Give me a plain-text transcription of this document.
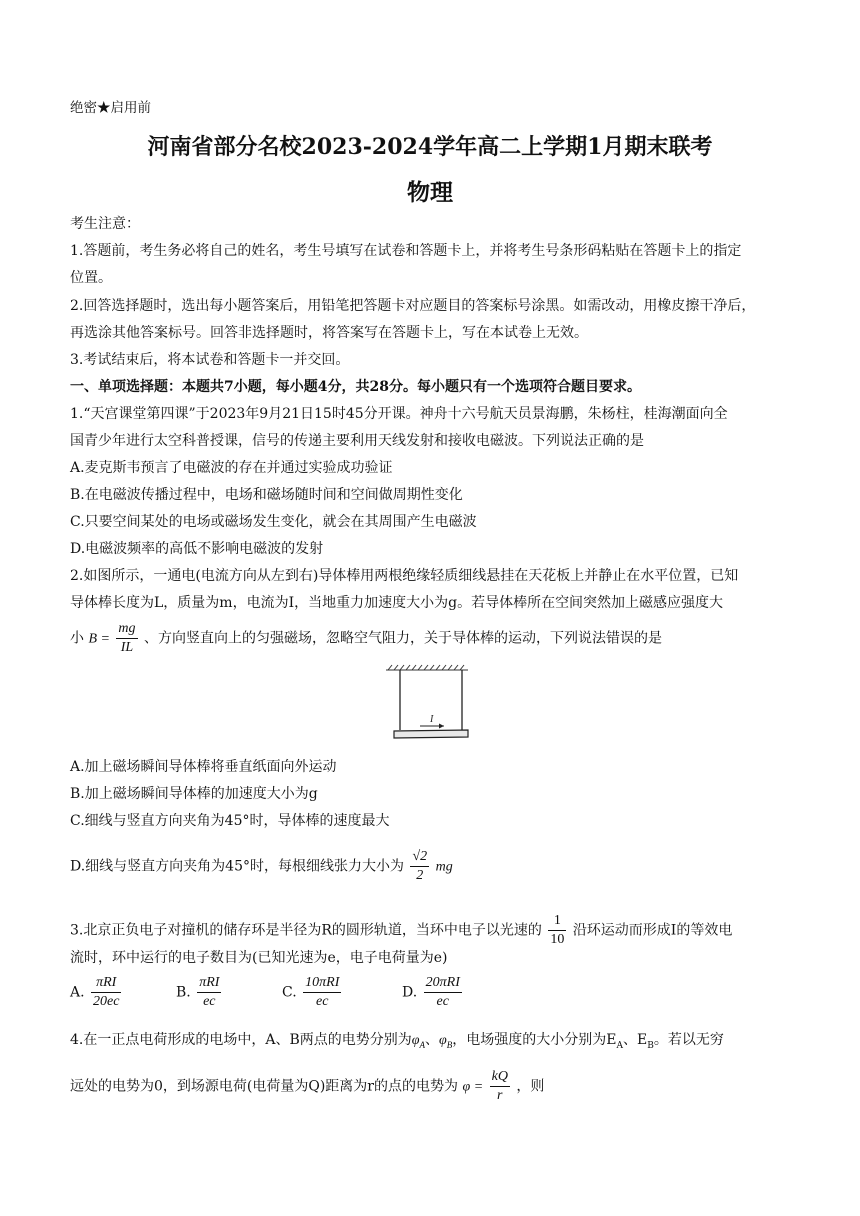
绝密★启用前
河南省部分名校2023-2024学年高二上学期1月期末联考
物理
考生注意：
1.答题前，考生务必将自己的姓名，考生号填写在试卷和答题卡上，并将考生号条形码粘贴在答题卡上的指定
位置。
2.回答选择题时，选出每小题答案后，用铅笔把答题卡对应题目的答案标号涂黑。如需改动，用橡皮擦干净后，
再选涂其他答案标号。回答非选择题时，将答案写在答题卡上，写在本试卷上无效。
3.考试结束后，将本试卷和答题卡一并交回。
一、单项选择题：本题共7小题，每小题4分，共28分。每小题只有一个选项符合题目要求。
1.“天宫课堂第四课”于2023年9月21日15时45分开课。神舟十六号航天员景海鹏，朱杨柱，桂海潮面向全
国青少年进行太空科普授课，信号的传递主要利用天线发射和接收电磁波。下列说法正确的是
A.麦克斯韦预言了电磁波的存在并通过实验成功验证
B.在电磁波传播过程中，电场和磁场随时间和空间做周期性变化
C.只要空间某处的电场或磁场发生变化，就会在其周围产生电磁波
D.电磁波频率的高低不影响电磁波的发射
2.如图所示，一通电(电流方向从左到右)导体棒用两根绝缘轻质细线悬挂在天花板上并静止在水平位置，已知
导体棒长度为L，质量为m，电流为I，当地重力加速度大小为g。若导体棒所在空间突然加上磁感应强度大
小 $B = \frac{mg}{IL}$ 、方向竖直向上的匀强磁场，忽略空气阻力，关于导体棒的运动，下列说法错误的是
I
A.加上磁场瞬间导体棒将垂直纸面向外运动
B.加上磁场瞬间导体棒的加速度大小为g
C.细线与竖直方向夹角为45°时，导体棒的速度最大
D.细线与竖直方向夹角为45°时，每根细线张力大小为 $\frac{√2}{2}$ mg
3.北京正负电子对撞机的储存环是半径为R的圆形轨道，当环中电子以光速的 $\frac{1}{10}$ 沿环运动而形成I的等效电
流时，环中运行的电子数目为(已知光速为e，电子电荷量为e)
A. $\frac{\text{πRI}}{20ec}$	B. $\frac{\text{πRI}}{ec}$	C. $\frac{\text{10πRI}}{ec}$	D. $\frac{\text{20πRI}}{ec}$
4.在一正点电荷形成的电场中，A、B两点的电势分别为$\varphi_A$、$\varphi_B$，电场强度的大小分别为$E_A$、$E_B$。若以无穷
远处的电势为0，到场源电荷(电荷量为Q)距离为r的点的电势为 $\varphi = \frac{kQ}{r}$ ，则
